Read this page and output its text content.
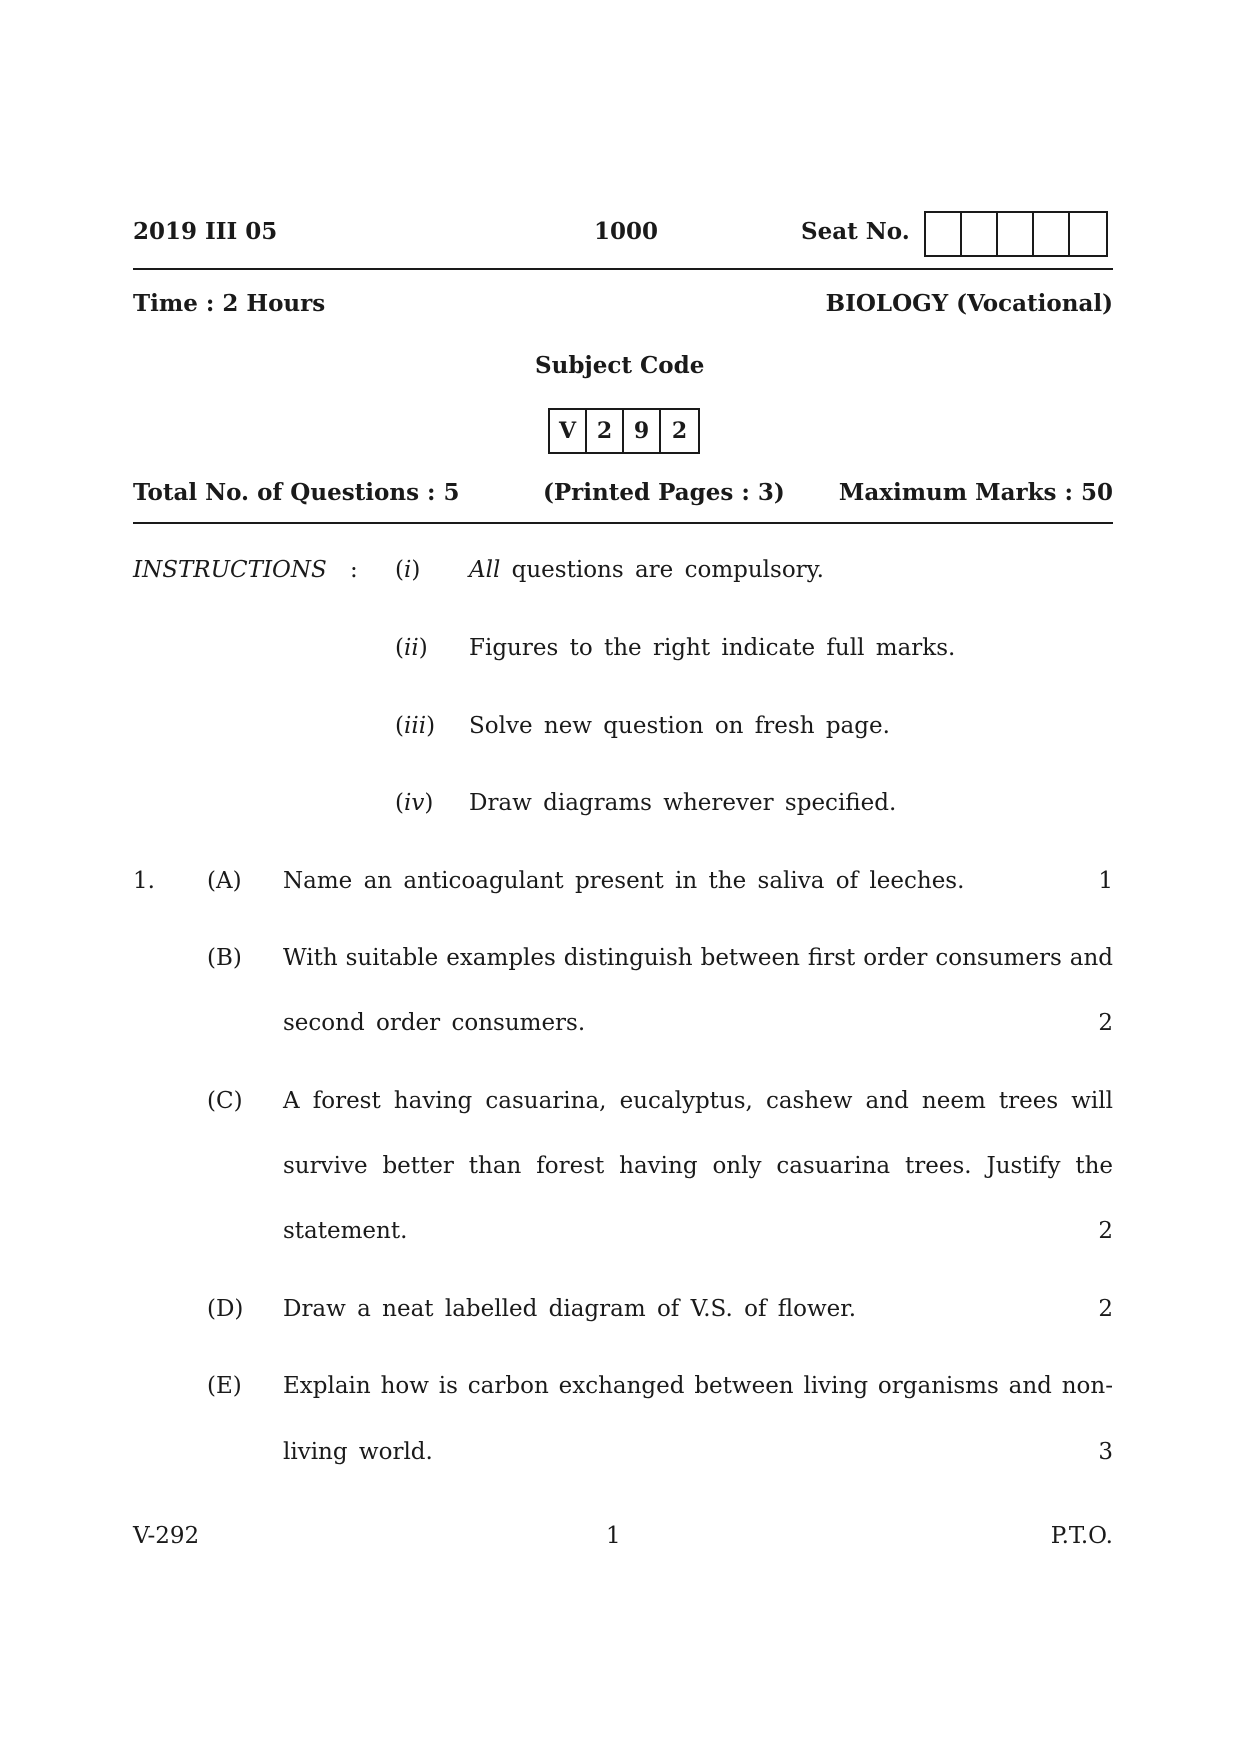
2019 III 05	1000	Seat No.
Time : 2 Hours	BIOLOGY (Vocational)
Subject Code
V 2 9	2
Total No. of Questions : 5	(Printed Pages : 3) Maximum Marks : 50
INSTRUCTIONS : (i) All questions are compulsory.
(ii) Figures to the right indicate full marks.
(iii) Solve new question on fresh page.
(iv) Draw diagrams wherever specified.
1. (A) Name an anticoagulant present in the saliva of leeches.	1
(B) With suitable examples distinguish between first order consumers and
second order consumers.	2
(C) A forest having casuarina, eucalyptus, cashew and neem trees will
survive better than forest having only casuarina trees. Justify the
statement.	2
(D) Draw a neat labelled diagram of V.S. of flower.	2
(E) Explain how is carbon exchanged between living organisms and non-
living world.	3
V-292	1	P.T.O.
